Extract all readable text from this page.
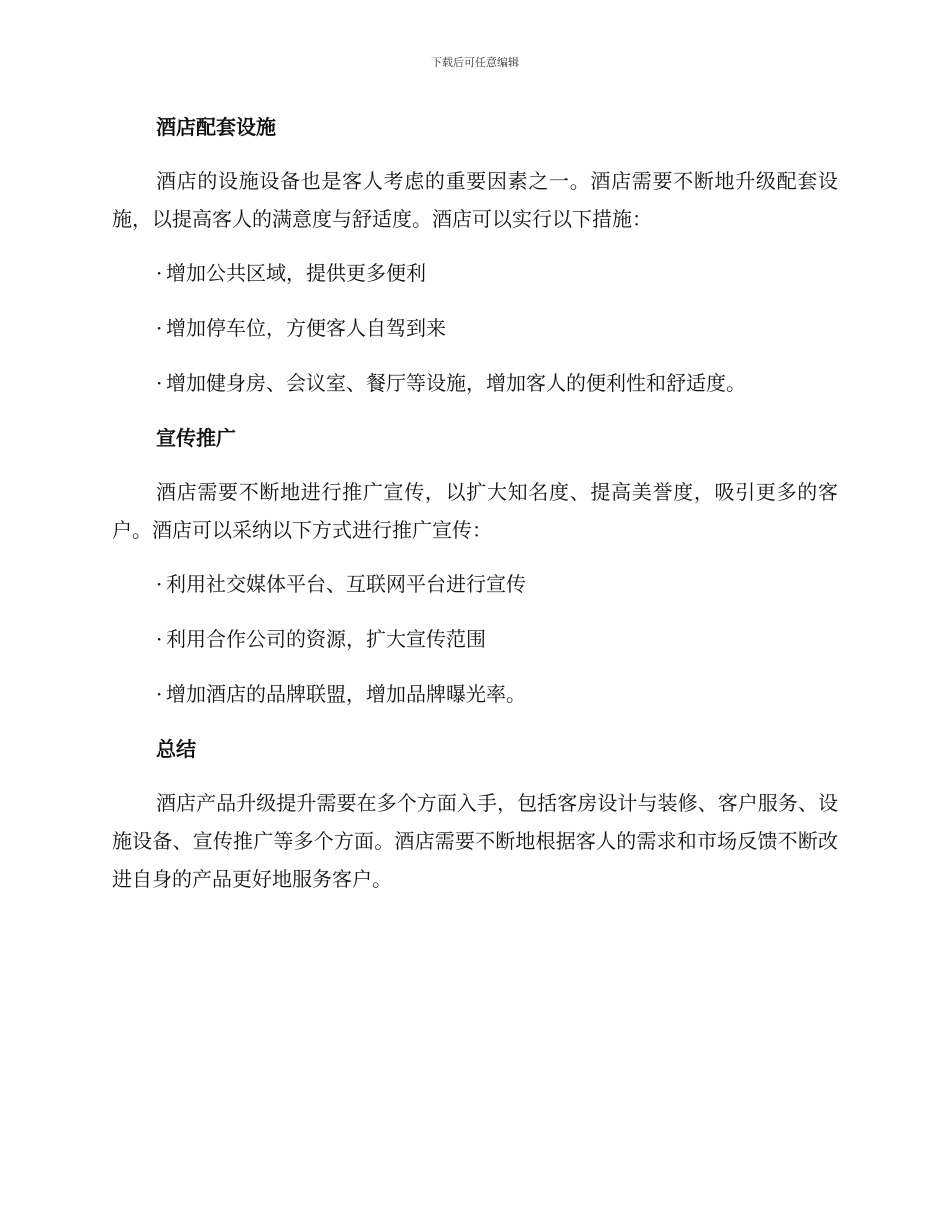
下载后可任意编辑
酒店配套设施
酒店的设施设备也是客人考虑的重要因素之一。酒店需要不断地升级配套设施，以提高客人的满意度与舒适度。酒店可以实行以下措施：
· 增加公共区域，提供更多便利
· 增加停车位，方便客人自驾到来
· 增加健身房、会议室、餐厅等设施，增加客人的便利性和舒适度。
宣传推广
酒店需要不断地进行推广宣传，以扩大知名度、提高美誉度，吸引更多的客户。酒店可以采纳以下方式进行推广宣传：
· 利用社交媒体平台、互联网平台进行宣传
· 利用合作公司的资源，扩大宣传范围
· 增加酒店的品牌联盟，增加品牌曝光率。
总结
酒店产品升级提升需要在多个方面入手，包括客房设计与装修、客户服务、设施设备、宣传推广等多个方面。酒店需要不断地根据客人的需求和市场反馈不断改进自身的产品更好地服务客户。
